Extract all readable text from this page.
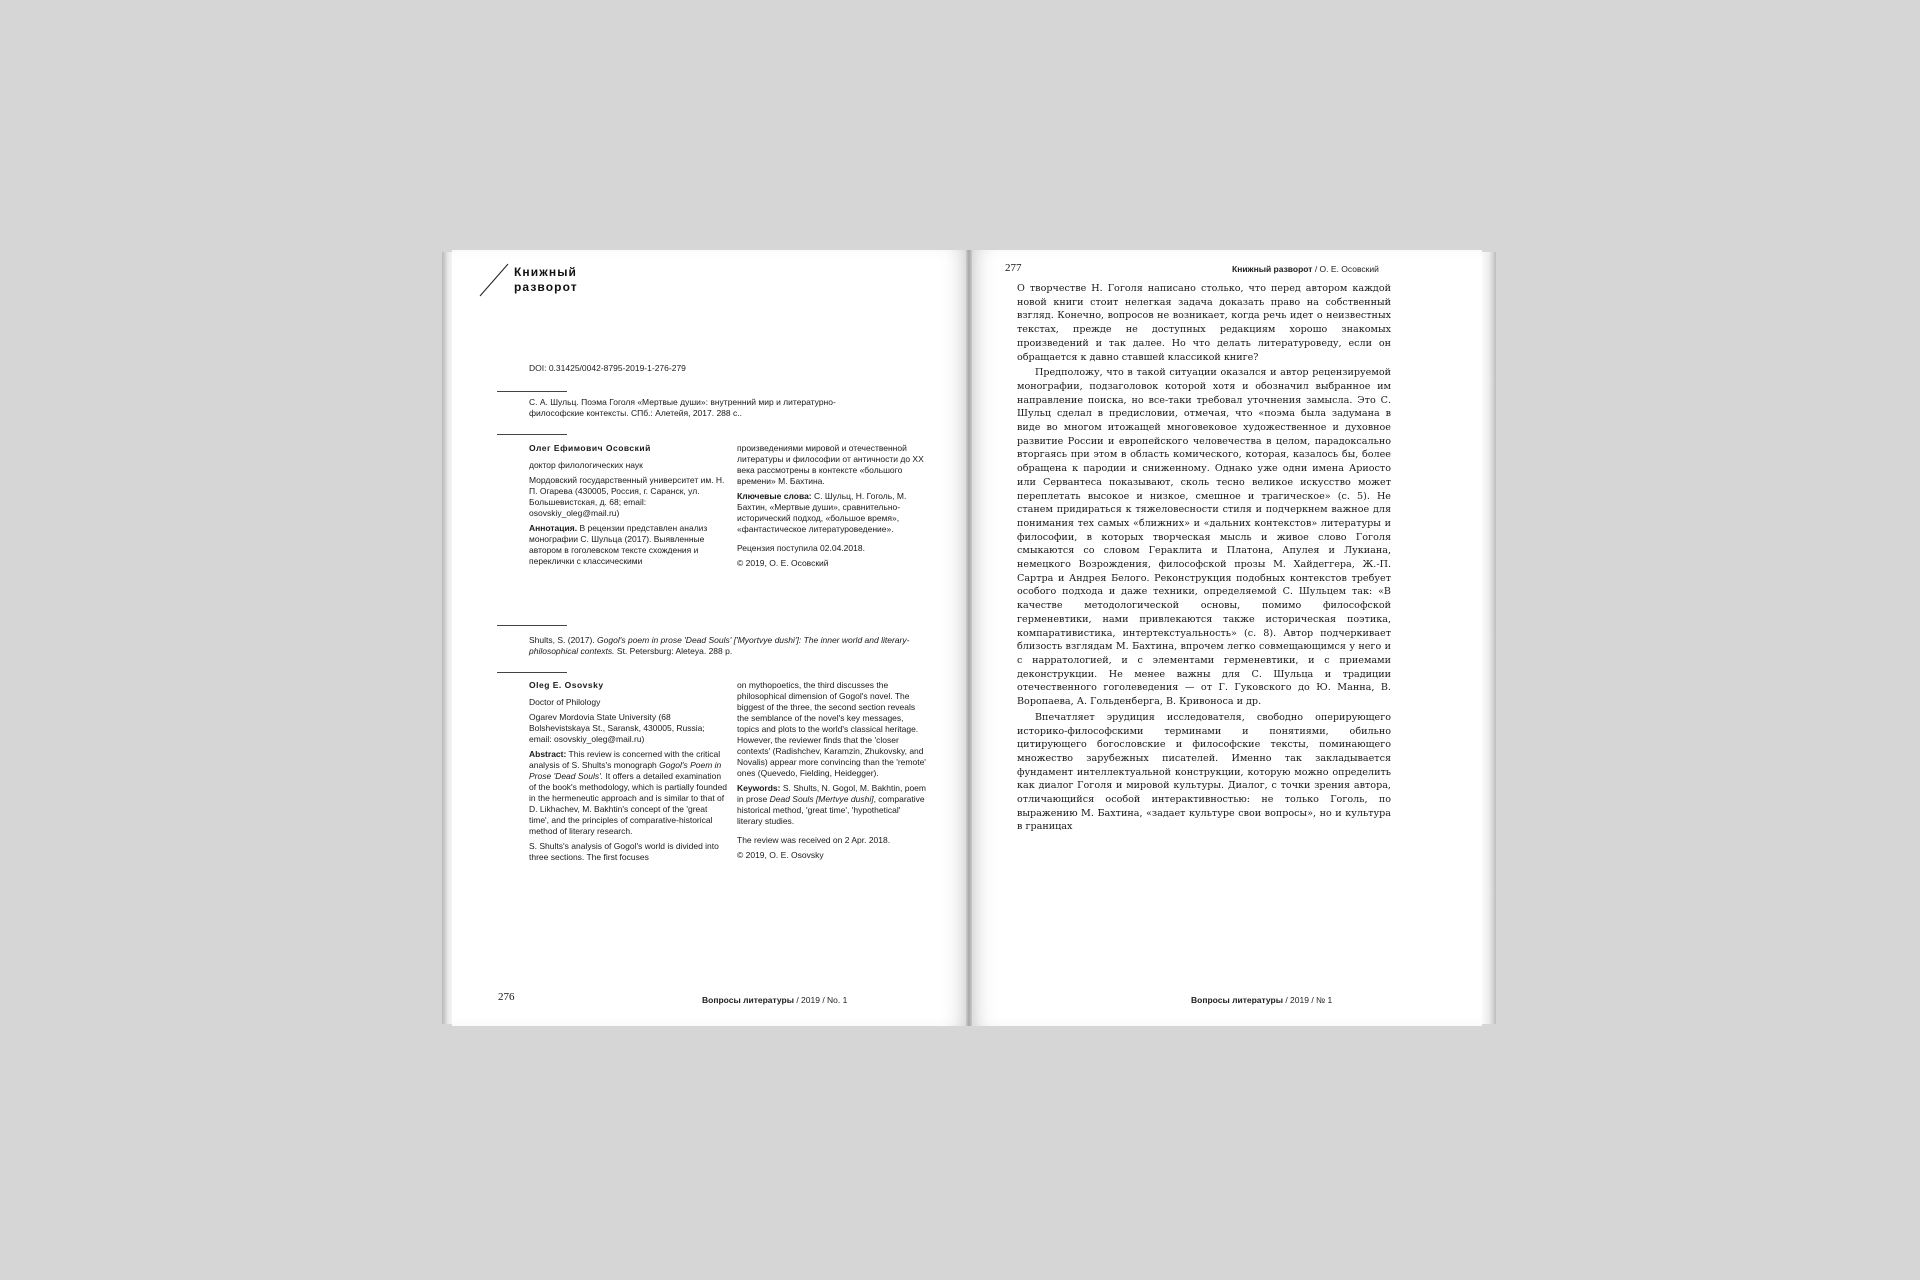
Книжный
разворот
DOI: 0.31425/0042-8795-2019-1-276-279
С. А. Шульц. Поэма Гоголя «Мертвые души»: внутренний мир и литературно-философские контексты. СПб.: Алетейя, 2017. 288 с..

Олег Ефимович Осовский

доктор филологических наук

Мордовский государственный университет им. Н. П. Огарева (430005, Россия, г. Саранск, ул. Большевистская, д. 68; email: osovskiy_oleg@mail.ru)

Аннотация. В рецензии представлен анализ монографии С. Шульца (2017). Выявленные автором в гоголевском тексте схождения и переклички с классическими

произведениями мировой и отечественной литературы и философии от античности до XX века рассмотрены в контексте «большого времени» М. Бахтина.

Ключевые слова: С. Шульц, Н. Гоголь, М. Бахтин, «Мертвые души», сравнительно-исторический подход, «большое время», «фантастическое литературоведение».

Рецензия поступила 02.04.2018.

© 2019, О. Е. Осовский

Shults, S. (2017). Gogol's poem in prose 'Dead Souls' ['Myortvye dushi']: The inner world and literary-philosophical contexts. St. Petersburg: Aleteya. 288 p.

Oleg E. Osovsky

Doctor of Philology

Ogarev Mordovia State University (68 Bolshevistskaya St., Saransk, 430005, Russia; email: osovskiy_oleg@mail.ru)

Abstract: This review is concerned with the critical analysis of S. Shults's monograph Gogol's Poem in Prose 'Dead Souls'. It offers a detailed examination of the book's methodology, which is partially founded in the hermeneutic approach and is similar to that of D. Likhachev, M. Bakhtin's concept of the 'great time', and the principles of comparative-historical method of literary research.

S. Shults's analysis of Gogol's world is divided into three sections. The first focuses

on mythopoetics, the third discusses the philosophical dimension of Gogol's novel. The biggest of the three, the second section reveals the semblance of the novel's key messages, topics and plots to the world's classical heritage. However, the reviewer finds that the 'closer contexts' (Radishchev, Karamzin, Zhukovsky, and Novalis) appear more convincing than the 'remote' ones (Quevedo, Fielding, Heidegger).

Keywords: S. Shults, N. Gogol, M. Bakhtin, poem in prose Dead Souls [Mertvye dushi], comparative historical method, 'great time', 'hypothetical' literary studies.

The review was received on 2 Apr. 2018.

© 2019, O. E. Osovsky

276	Вопросы литературы / 2019 / No. 1
277	Книжный разворот / О. Е. Осовский

О творчестве Н. Гоголя написано столько, что перед автором каждой новой книги стоит нелегкая задача доказать право на собственный взгляд. Конечно, вопросов не возникает, когда речь идет о неизвестных текстах, прежде не доступных редакциям хорошо знакомых произведений и так далее. Но что делать литературоведу, если он обращается к давно ставшей классикой книге?

Предположу, что в такой ситуации оказался и автор рецензируемой монографии, подзаголовок которой хотя и обозначил выбранное им направление поиска, но все-таки требовал уточнения замысла. Это С. Шульц сделал в предисловии, отмечая, что «поэма была задумана в виде во многом итожащей многовековое художественное и духовное развитие России и европейского человечества в целом, парадоксально вторгаясь при этом в область комического, которая, казалось бы, более обращена к пародии и сниженному. Однако уже одни имена Ариосто или Сервантеса показывают, сколь тесно великое искусство может переплетать высокое и низкое, смешное и трагическое» (с. 5). Не станем придираться к тяжеловесности стиля и подчеркнем важное для понимания тех самых «ближних» и «дальних контекстов» литературы и философии, в которых творческая мысль и живое слово Гоголя смыкаются со словом Гераклита и Платона, Апулея и Лукиана, немецкого Возрождения, философской прозы М. Хайдеггера, Ж.-П. Сартра и Андрея Белого. Реконструкция подобных контекстов требует особого подхода и даже техники, определяемой С. Шульцем так: «В качестве методологической основы, помимо философской герменевтики, нами привлекаются также историческая поэтика, компаративистика, интертекстуальность» (с. 8). Автор подчеркивает близость взглядам М. Бахтина, впрочем легко совмещающимся у него и с нарратологией, и с элементами герменевтики, и с приемами деконструкции. Не менее важны для С. Шульца и традиции отечественного гоголеведения — от Г. Гуковского до Ю. Манна, В. Воропаева, А. Гольденберга, В. Кривоноса и др.

Впечатляет эрудиция исследователя, свободно оперирующего историко-философскими терминами и понятиями, обильно цитирующего богословские и философские тексты, поминающего множество зарубежных писателей. Именно так закладывается фундамент интеллектуальной конструкции, которую можно определить как диалог Гоголя и мировой культуры. Диалог, с точки зрения автора, отличающийся особой интерактивностью: не только Гоголь, по выражению М. Бахтина, «задает культуре свои вопросы», но и культура в границах

Вопросы литературы / 2019 / № 1
